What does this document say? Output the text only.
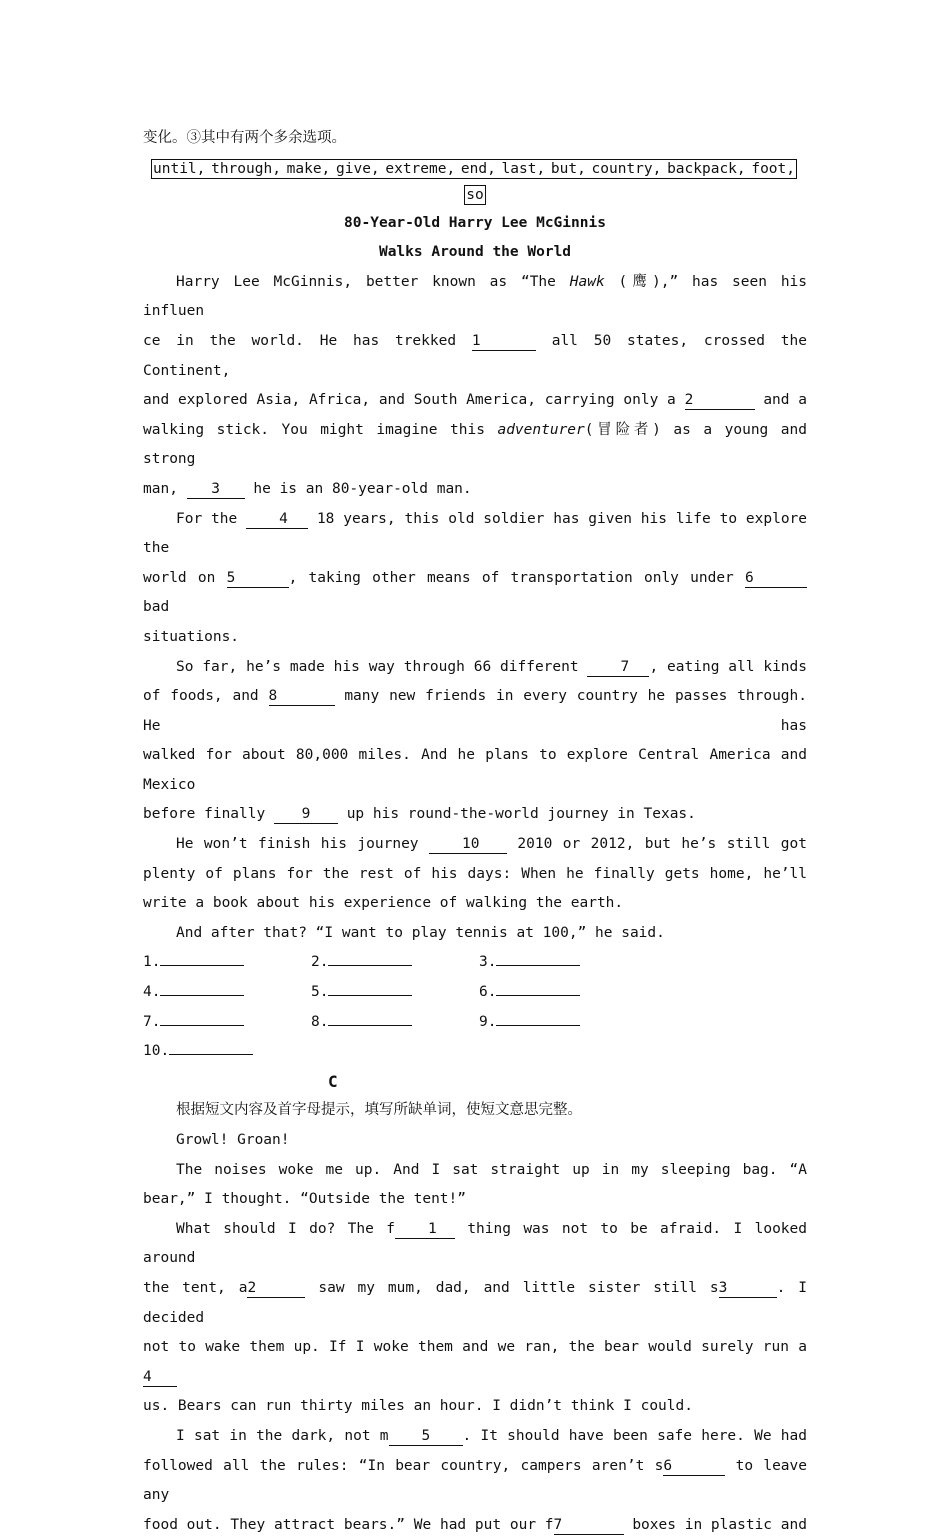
变化。③其中有两个多余选项。

until, through, make, give, extreme, end, last, but, country, backpack, foot,
so

80-Year-Old Harry Lee McGinnis

Walks Around the World

Harry Lee McGinnis, better known as “The Hawk (鹰),” has seen his influen

ce in the world. He has trekked 1	all 50 states, crossed the Continent,

and explored Asia, Africa, and South America, carrying only a 2	and a

walking stick. You might imagine this adventurer(冒险者) as a young and strong

man, 3 he is an 80-year-old man.

For the	4 18 years, this old soldier has given his life to explore the

world on 5	, taking other means of transportation only under 6 bad

situations.

So far, he’s made his way through 66 different	7 , eating all kinds

of foods, and 8	many new friends in every country he passes through. He has

walked for about 80,000 miles. And he plans to explore Central America and Mexico

before finally	9	up his round-the-world journey in Texas.

He won’t finish his journey	10	2010 or 2012, but he’s still got

plenty of plans for the rest of his days: When he finally gets home, he’ll

write a book about his experience of walking the earth.

And after that? “I want to play tennis at 100,” he said.

1.	2.	3.
4.	5.	6.
7.	8.	9.
10.

C

根据短文内容及首字母提示，填写所缺单词，使短文意思完整。

Growl! Groan!

The noises woke me up. And I sat straight up in my sleeping bag. “A

bear,” I thought. “Outside the tent!”

What should I do? The f 1 thing was not to be afraid. I looked around

the tent, a2	saw my mum, dad, and little sister still s3	. I decided

not to wake them up. If I woke them and we ran, the bear would surely run a4

us. Bears can run thirty miles an hour. I didn’t think I could.

I sat in the dark, not m 5 . It should have been safe here. We had

followed all the rules: “In bear country, campers aren’t s6	to leave any

food out. They attract bears.” We had put our f7	boxes in plastic and
